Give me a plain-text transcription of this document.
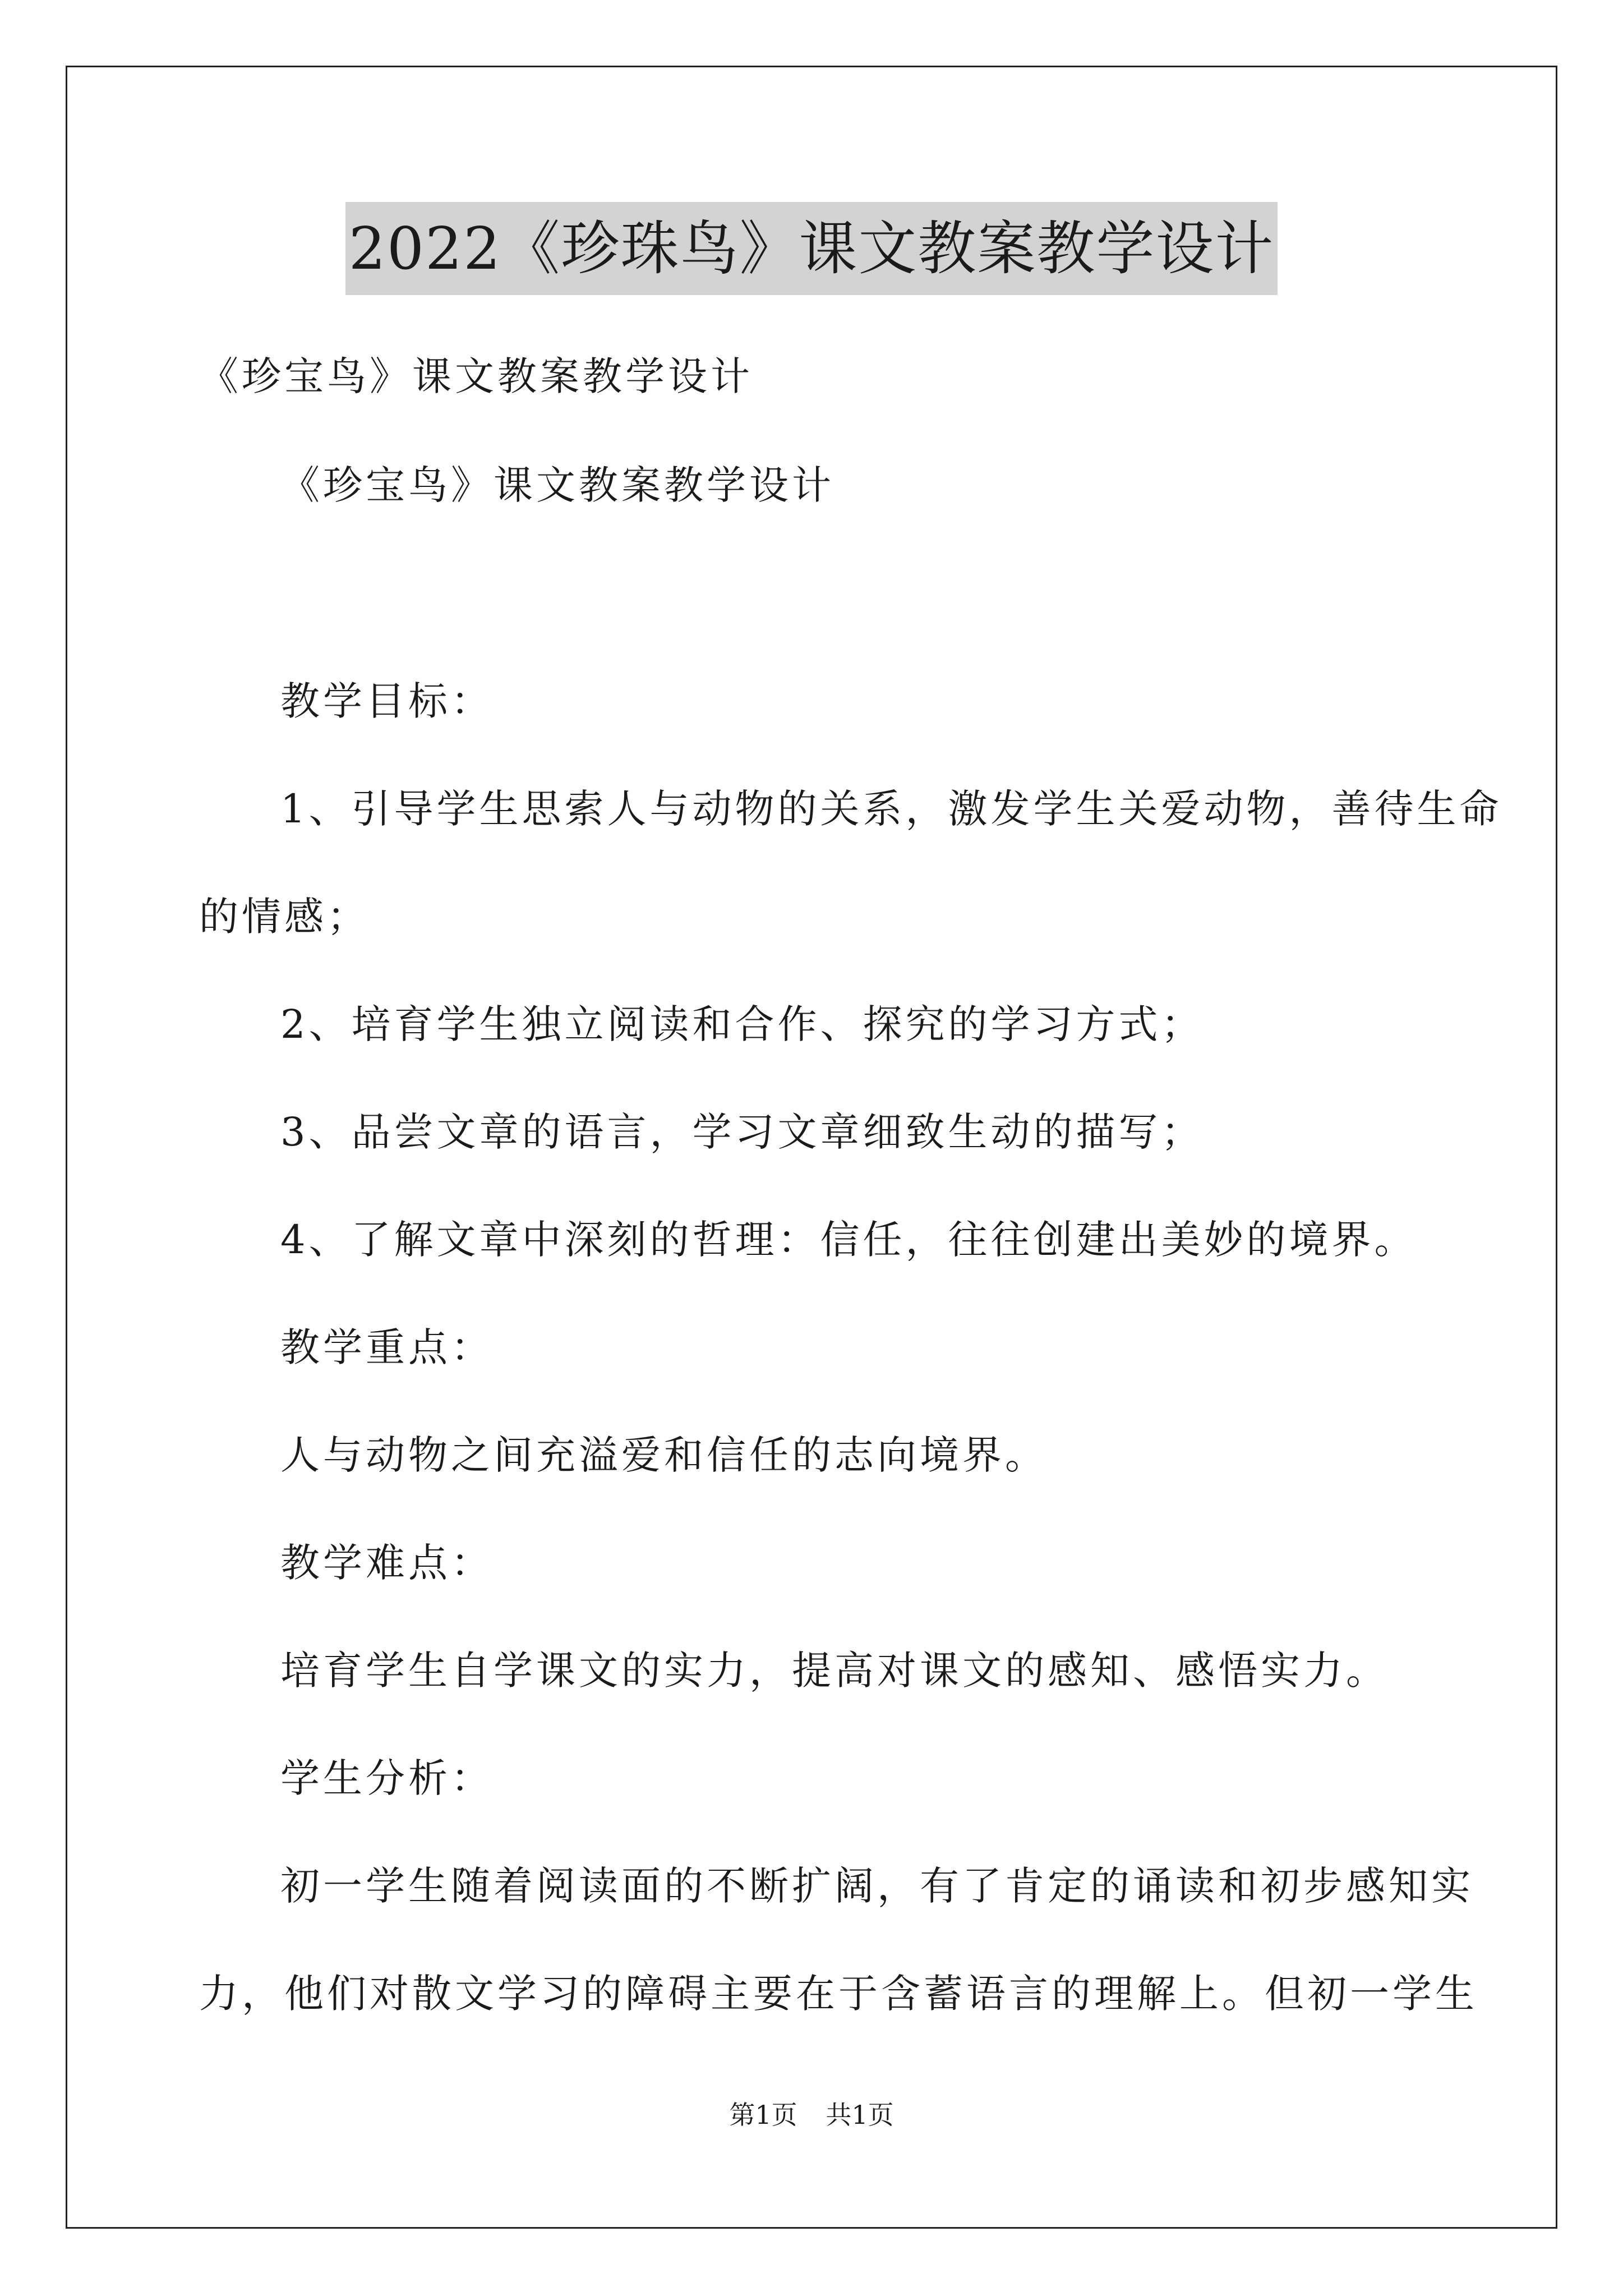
2022《珍珠鸟》课文教案教学设计

《珍宝鸟》课文教案教学设计

《珍宝鸟》课文教案教学设计

教学目标：

1、引导学生思索人与动物的关系，激发学生关爱动物，善待生命

的情感；

2、培育学生独立阅读和合作、探究的学习方式；

3、品尝文章的语言，学习文章细致生动的描写；

4、了解文章中深刻的哲理：信任，往往创建出美妙的境界。

教学重点：

人与动物之间充溢爱和信任的志向境界。

教学难点：

培育学生自学课文的实力，提高对课文的感知、感悟实力。

学生分析：

初一学生随着阅读面的不断扩阔，有了肯定的诵读和初步感知实

力，他们对散文学习的障碍主要在于含蓄语言的理解上。但初一学生

第1页 共1页
